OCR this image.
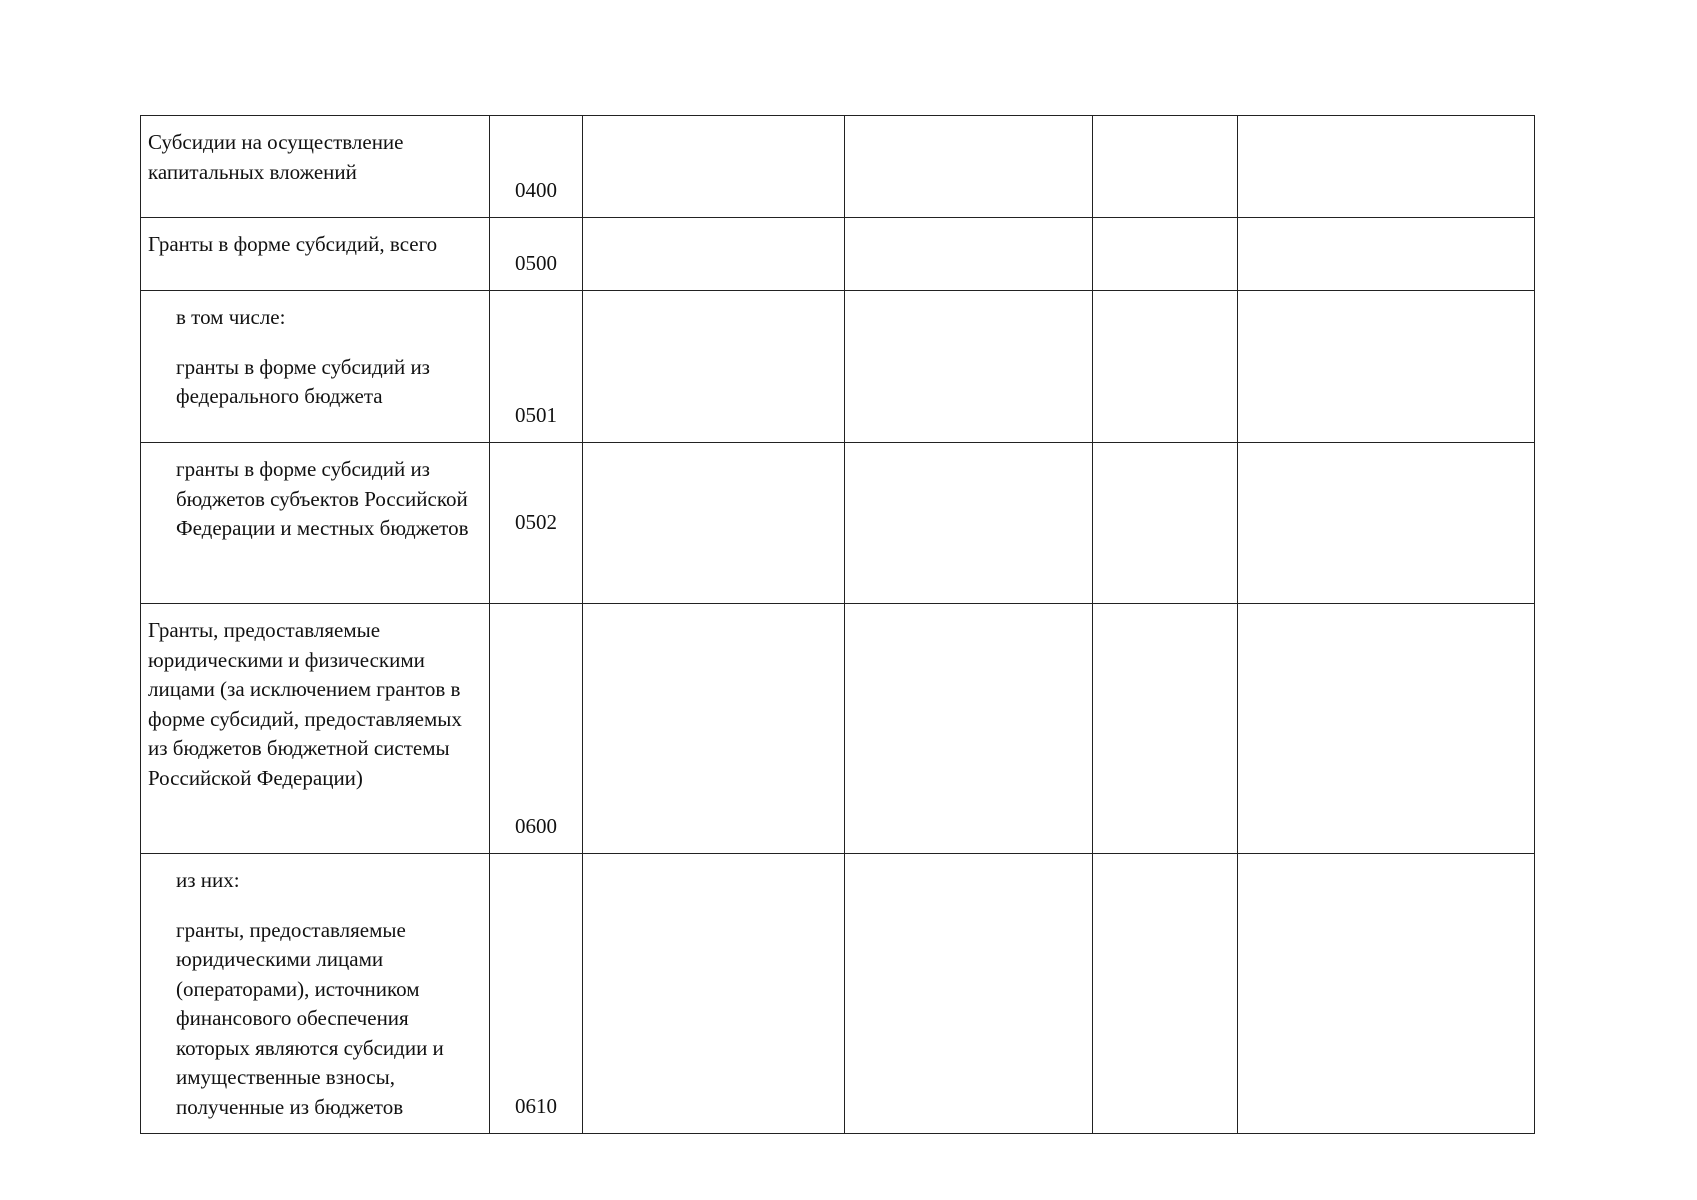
Субсидии на осуществление капитальных вложений	0400				

Гранты в форме субсидий, всего	0500				

в том числе:
гранты в форме субсидий из федерального бюджета	0501				

гранты в форме субсидий из бюджетов субъектов Российской Федерации и местных бюджетов	0502				

Гранты, предоставляемые юридическими и физическими лицами (за исключением грантов в форме субсидий, предоставляемых из бюджетов бюджетной системы Российской Федерации)	0600				

из них:
гранты, предоставляемые юридическими лицами (операторами), источником финансового обеспечения которых являются субсидии и имущественные взносы, полученные из бюджетов	0610				
